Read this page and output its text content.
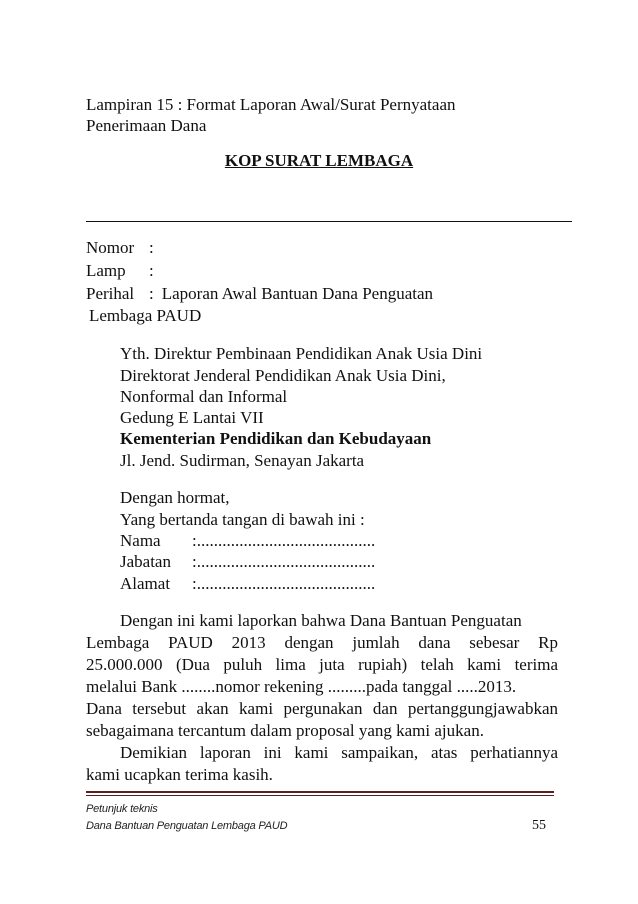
Lampiran 15 : Format Laporan Awal/Surat Pernyataan
Penerimaan Dana
KOP SURAT LEMBAGA
Nomor :
Lamp :
Perihal : Laporan Awal Bantuan Dana Penguatan
Lembaga PAUD
Yth. Direktur Pembinaan Pendidikan Anak Usia Dini
Direktorat Jenderal Pendidikan Anak Usia Dini,
Nonformal dan Informal
Gedung E Lantai VII
Kementerian Pendidikan dan Kebudayaan
Jl. Jend. Sudirman, Senayan Jakarta
Dengan hormat,
Yang bertanda tangan di bawah ini :
Nama :..........................................
Jabatan :..........................................
Alamat :..........................................
Dengan ini kami laporkan bahwa Dana Bantuan Penguatan
Lembaga PAUD 2013 dengan jumlah dana sebesar Rp
25.000.000 (Dua puluh lima juta rupiah) telah kami terima
melalui Bank ........nomor rekening .........pada tanggal .....2013.
Dana tersebut akan kami pergunakan dan pertanggungjawabkan
sebagaimana tercantum dalam proposal yang kami ajukan.
Demikian laporan ini kami sampaikan, atas perhatiannya
kami ucapkan terima kasih.
Petunjuk teknis
Dana Bantuan Penguatan Lembaga PAUD	55
